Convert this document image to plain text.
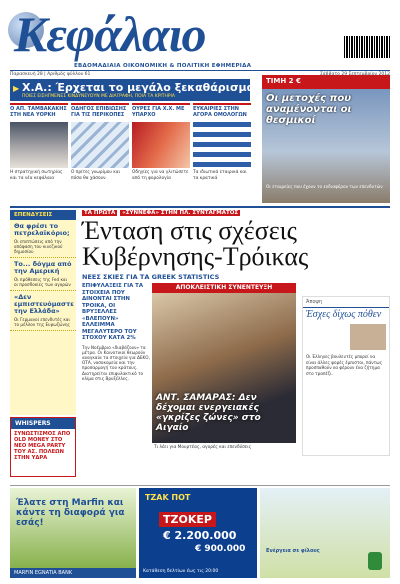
Κεφάλαιο
ΕΒΔΟΜΑΔΙΑΙΑ ΟΙΚΟΝΟΜΙΚΗ & ΠΟΛΙΤΙΚΗ ΕΦΗΜΕΡΙΔΑ
Παρασκευή 28 | Αριθμός φύλλου 61
▶ Χ.Α.: Έρχεται το μεγάλο ξεκαθάρισμα
ΠΟΙΕΣ ΕΙΣΗΓΜΕΝΕΣ ΚΙΝΔΥΝΕΥΟΥΝ ΜΕ ΔΙΑΓΡΑΦΗ, ΠΟΙΑ ΤΑ ΚΡΙΤΗΡΙΑ
Ο ΑΠ. ΤΑΜΒΑΚΑΚΗΣ ΣΤΗ ΝΕΑ ΥΟΡΚΗ
Η στρατηγική σωτηρίας και τα νέα κεφάλαια
ΟΔΗΓΟΣ ΕΠΙΒΙΩΣΗΣ ΓΙΑ ΤΙΣ ΠΕΡΙΚΟΠΕΣ
Ο πρίτες γνωρίμου και πόσα θα χάσουν
ΟΥΡΕΣ ΓΙΑ Χ.Χ. ΜΕ ΥΠΑΡΧΟ
Οδηγίες για να γλιτώσετε από τη φορολογία
ΕΥΚΑΙΡΙΕΣ ΣΤΗΝ ΑΓΟΡΑ ΟΜΟΛΟΓΩΝ
Τα ιδιωτικά εταιρικά και τα κρατικά
ΤΙΜΗ 2 €
Οι μετοχές που αναμένονται οι θεσμικοί
Οι εταιρείες που έχουν το ενδιαφέρον των επενδυτών
ΕΠΕΝΔΥΣΕΙΣ
Θα φρέσι το πετρελαϊκόριο;
Οι επιπτώσεις από την απόφαση του κινεζικού δημοσίου
Το... δόγμα από την Αμερική
Οι πρόθεσεις της Fed και οι προσδοκίες των αγορών
«Δεν εμπιστευόμαστε την Ελλάδα»
Οι Γερμανοί επενδυτές και το μέλλον της Ευρωζώνης
WHISPERS
ΣΥΝΩΣΤΙΣΜΟΣ ΑΠΟ OLD MONEY ΣΤΟ ΝΕΟ MEGA PARTY ΤΟΥ ΑΣ. ΠΟΛΕΩΝ ΣΤΗΝ ΥΔΡΑ
ΤΑ ΠΡΩΤΑ «ΣΥΝΝΕΦΑ» ΣΤΗΝ ΠΛ. ΣΥΝΤΑΓΜΑΤΟΣ
Ένταση στις σχέσεις Κυβέρνησης-Τρόικας
ΝΕΕΣ ΣΚΙΕΣ ΓΙΑ ΤΑ GREEK STATISTICS
ΕΠΙΦΥΛΑΞΕΙΣ ΓΙΑ ΤΑ ΣΤΟΙΧΕΙΑ ΠΟΥ ΔΙΝΟΝΤΑΙ ΣΤΗΝ ΤΡΟΙΚΑ, ΟΙ ΒΡΥΞΕΛΛΕΣ «ΒΛΕΠΟΥΝ» ΕΛΛΕΙΜΜΑ ΜΕΓΑΛΥΤΕΡΟ ΤΟΥ ΣΤΟΧΟΥ ΚΑΤΑ 2%
Την Νοέμβριο «διαβάζουν» τα μέτρα. Οι Κοινοτικοί θεωρούν αναγκαία τα στοιχεία για ΔΕΚΟ, ΟΤΑ, νοσοκομεία και την προσαρμογή του κράτους. Διατηρείται επιφυλακτικό το κλίμα στις Βρυξέλλες.
ΑΠΟΚΛΕΙΣΤΙΚΗ ΣΥΝΕΝΤΕΥΞΗ
ΑΝΤ. ΣΑΜΑΡΑΣ: Δεν δέχομαι ενεργειακές «γκρίζες ζώνες» στο Αιγαίο
Τι λέει για Μουρτέας, αγορές και επενδύσεις
Άποψη
Έσχες δίχως πόθεν
Οι Έλληνες βουλευτές μπορεί να είναι άλλες φορές έμπιστοι, πάντως προσπαθούν να φέρουν ένα ζήτημα στο τραπέζι.
Έλατε στη Marfin και κάντε τη διαφορά για εσάς!
MARFIN EGNATIA BANK
ΤΖΑΚ ΠΟΤ
ΤΖΟΚΕΡ
€ 2.200.000
€ 900.000
Κατάθεση δελτίων έως τις 20:00
Ενέργεια σε φίλους
